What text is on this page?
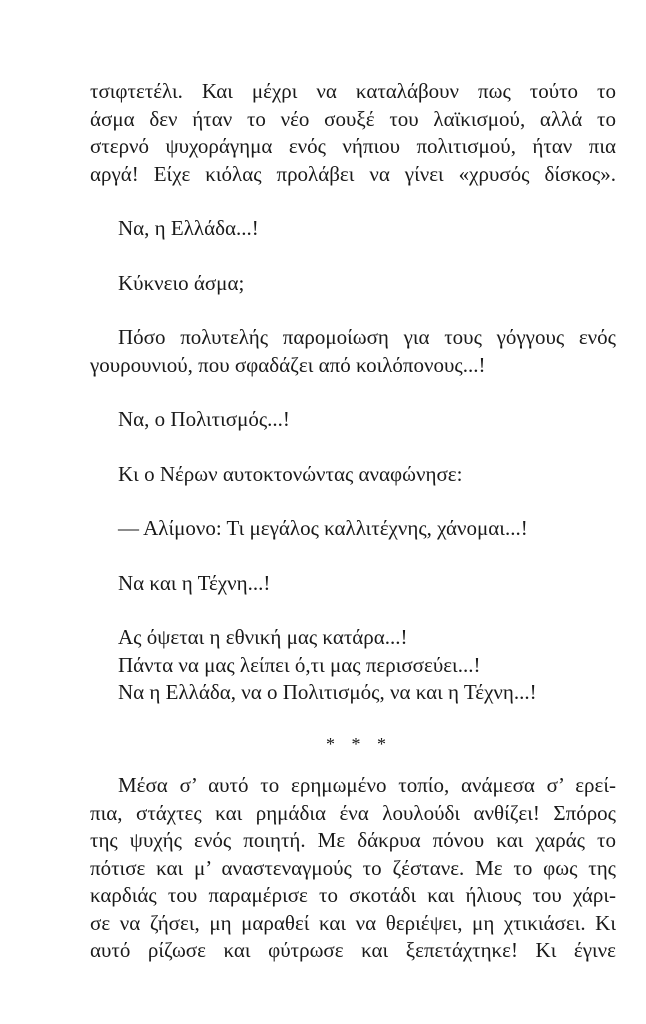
τσιφτετέλι. Και μέχρι να καταλάβουν πως τούτο το
άσμα δεν ήταν το νέο σουξέ του λαϊκισμού, αλλά το
στερνό ψυχοράγημα ενός νήπιου πολιτισμού, ήταν πια
αργά! Είχε κιόλας προλάβει να γίνει «χρυσός δίσκος».
Να, η Ελλάδα...!
Κύκνειο άσμα;
Πόσο πολυτελής παρομοίωση για τους γόγγους ενός
γουρουνιού, που σφαδάζει από κοιλόπονους...!
Να, ο Πολιτισμός...!
Κι ο Νέρων αυτοκτονώντας αναφώνησε:
— Αλίμονο: Τι μεγάλος καλλιτέχνης, χάνομαι...!
Να και η Τέχνη...!
Ας όψεται η εθνική μας κατάρα...!
Πάντα να μας λείπει ό,τι μας περισσεύει...!
Να η Ελλάδα, να ο Πολιτισμός, να και η Τέχνη...!

* * *

Μέσα σ’ αυτό το ερημωμένο τοπίο, ανάμεσα σ’ ερεί-
πια, στάχτες και ρημάδια ένα λουλούδι ανθίζει! Σπόρος
της ψυχής ενός ποιητή. Με δάκρυα πόνου και χαράς το
πότισε και μ’ αναστεναγμούς το ζέστανε. Με το φως της
καρδιάς του παραμέρισε το σκοτάδι και ήλιους του χάρι-
σε να ζήσει, μη μαραθεί και να θεριέψει, μη χτικιάσει. Κι
αυτό ρίζωσε και φύτρωσε και ξεπετάχτηκε! Κι έγινε
